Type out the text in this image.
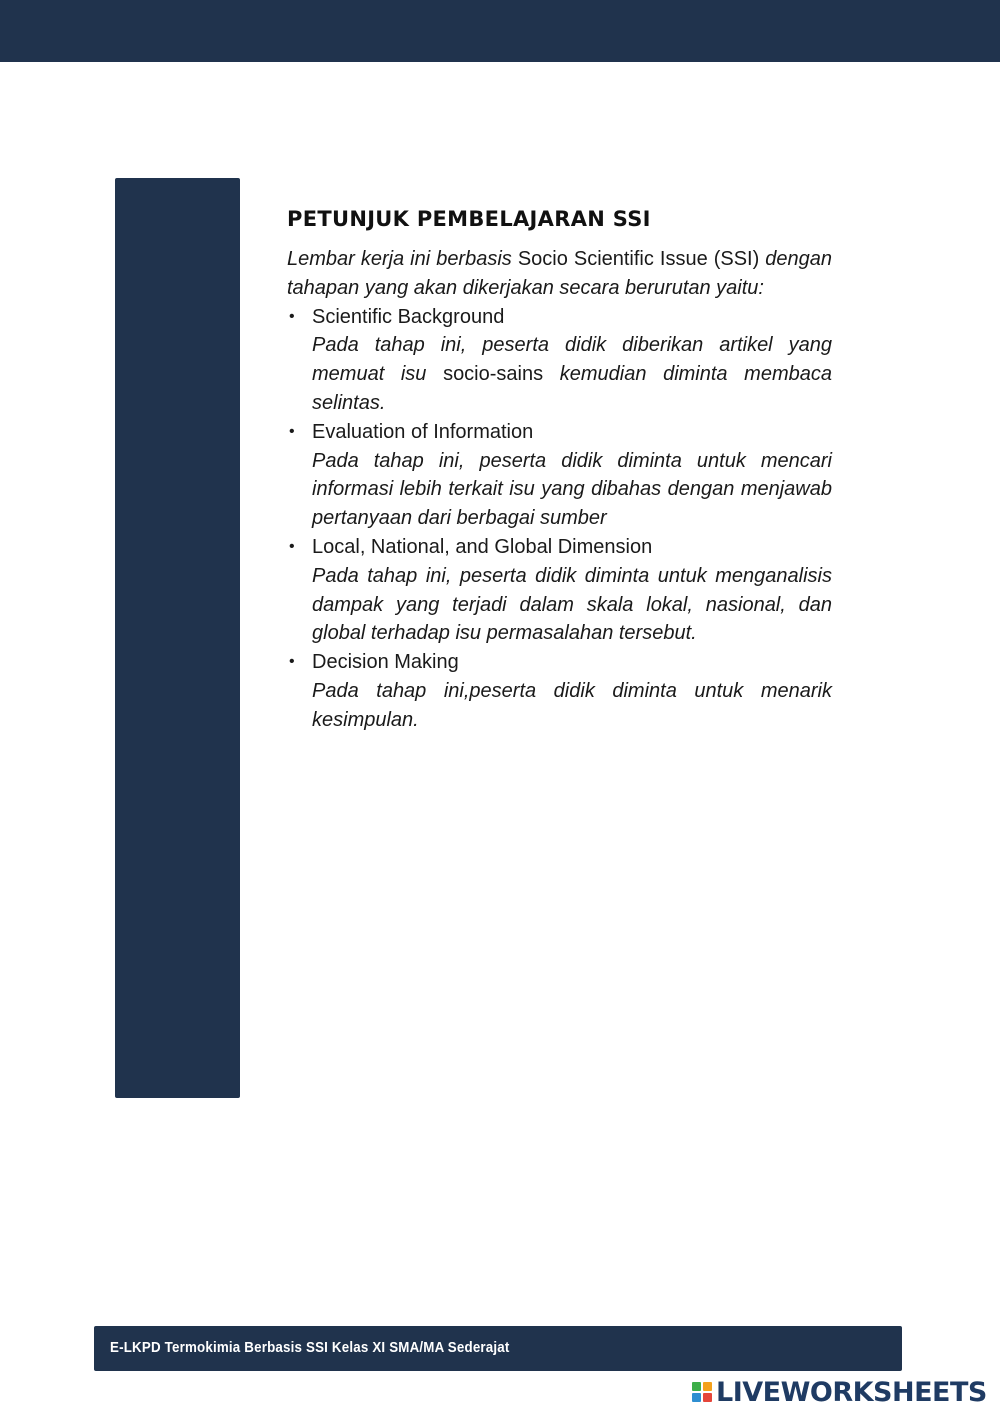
PETUNJUK PEMBELAJARAN SSI

Lembar kerja ini berbasis Socio Scientific Issue (SSI) dengan tahapan yang akan dikerjakan secara berurutan yaitu:

• Scientific Background

Pada tahap ini, peserta didik diberikan artikel yang memuat isu socio-sains kemudian diminta membaca selintas.

• Evaluation of Information

Pada tahap ini, peserta didik diminta untuk mencari informasi lebih terkait isu yang dibahas dengan menjawab pertanyaan dari berbagai sumber

• Local, National, and Global Dimension

Pada tahap ini, peserta didik diminta untuk menganalisis dampak yang terjadi dalam skala lokal, nasional, dan global terhadap isu permasalahan tersebut.

• Decision Making

Pada tahap ini,peserta didik diminta untuk menarik kesimpulan.

E-LKPD Termokimia Berbasis SSI Kelas XI SMA/MA Sederajat
LIVEWORKSHEETS
